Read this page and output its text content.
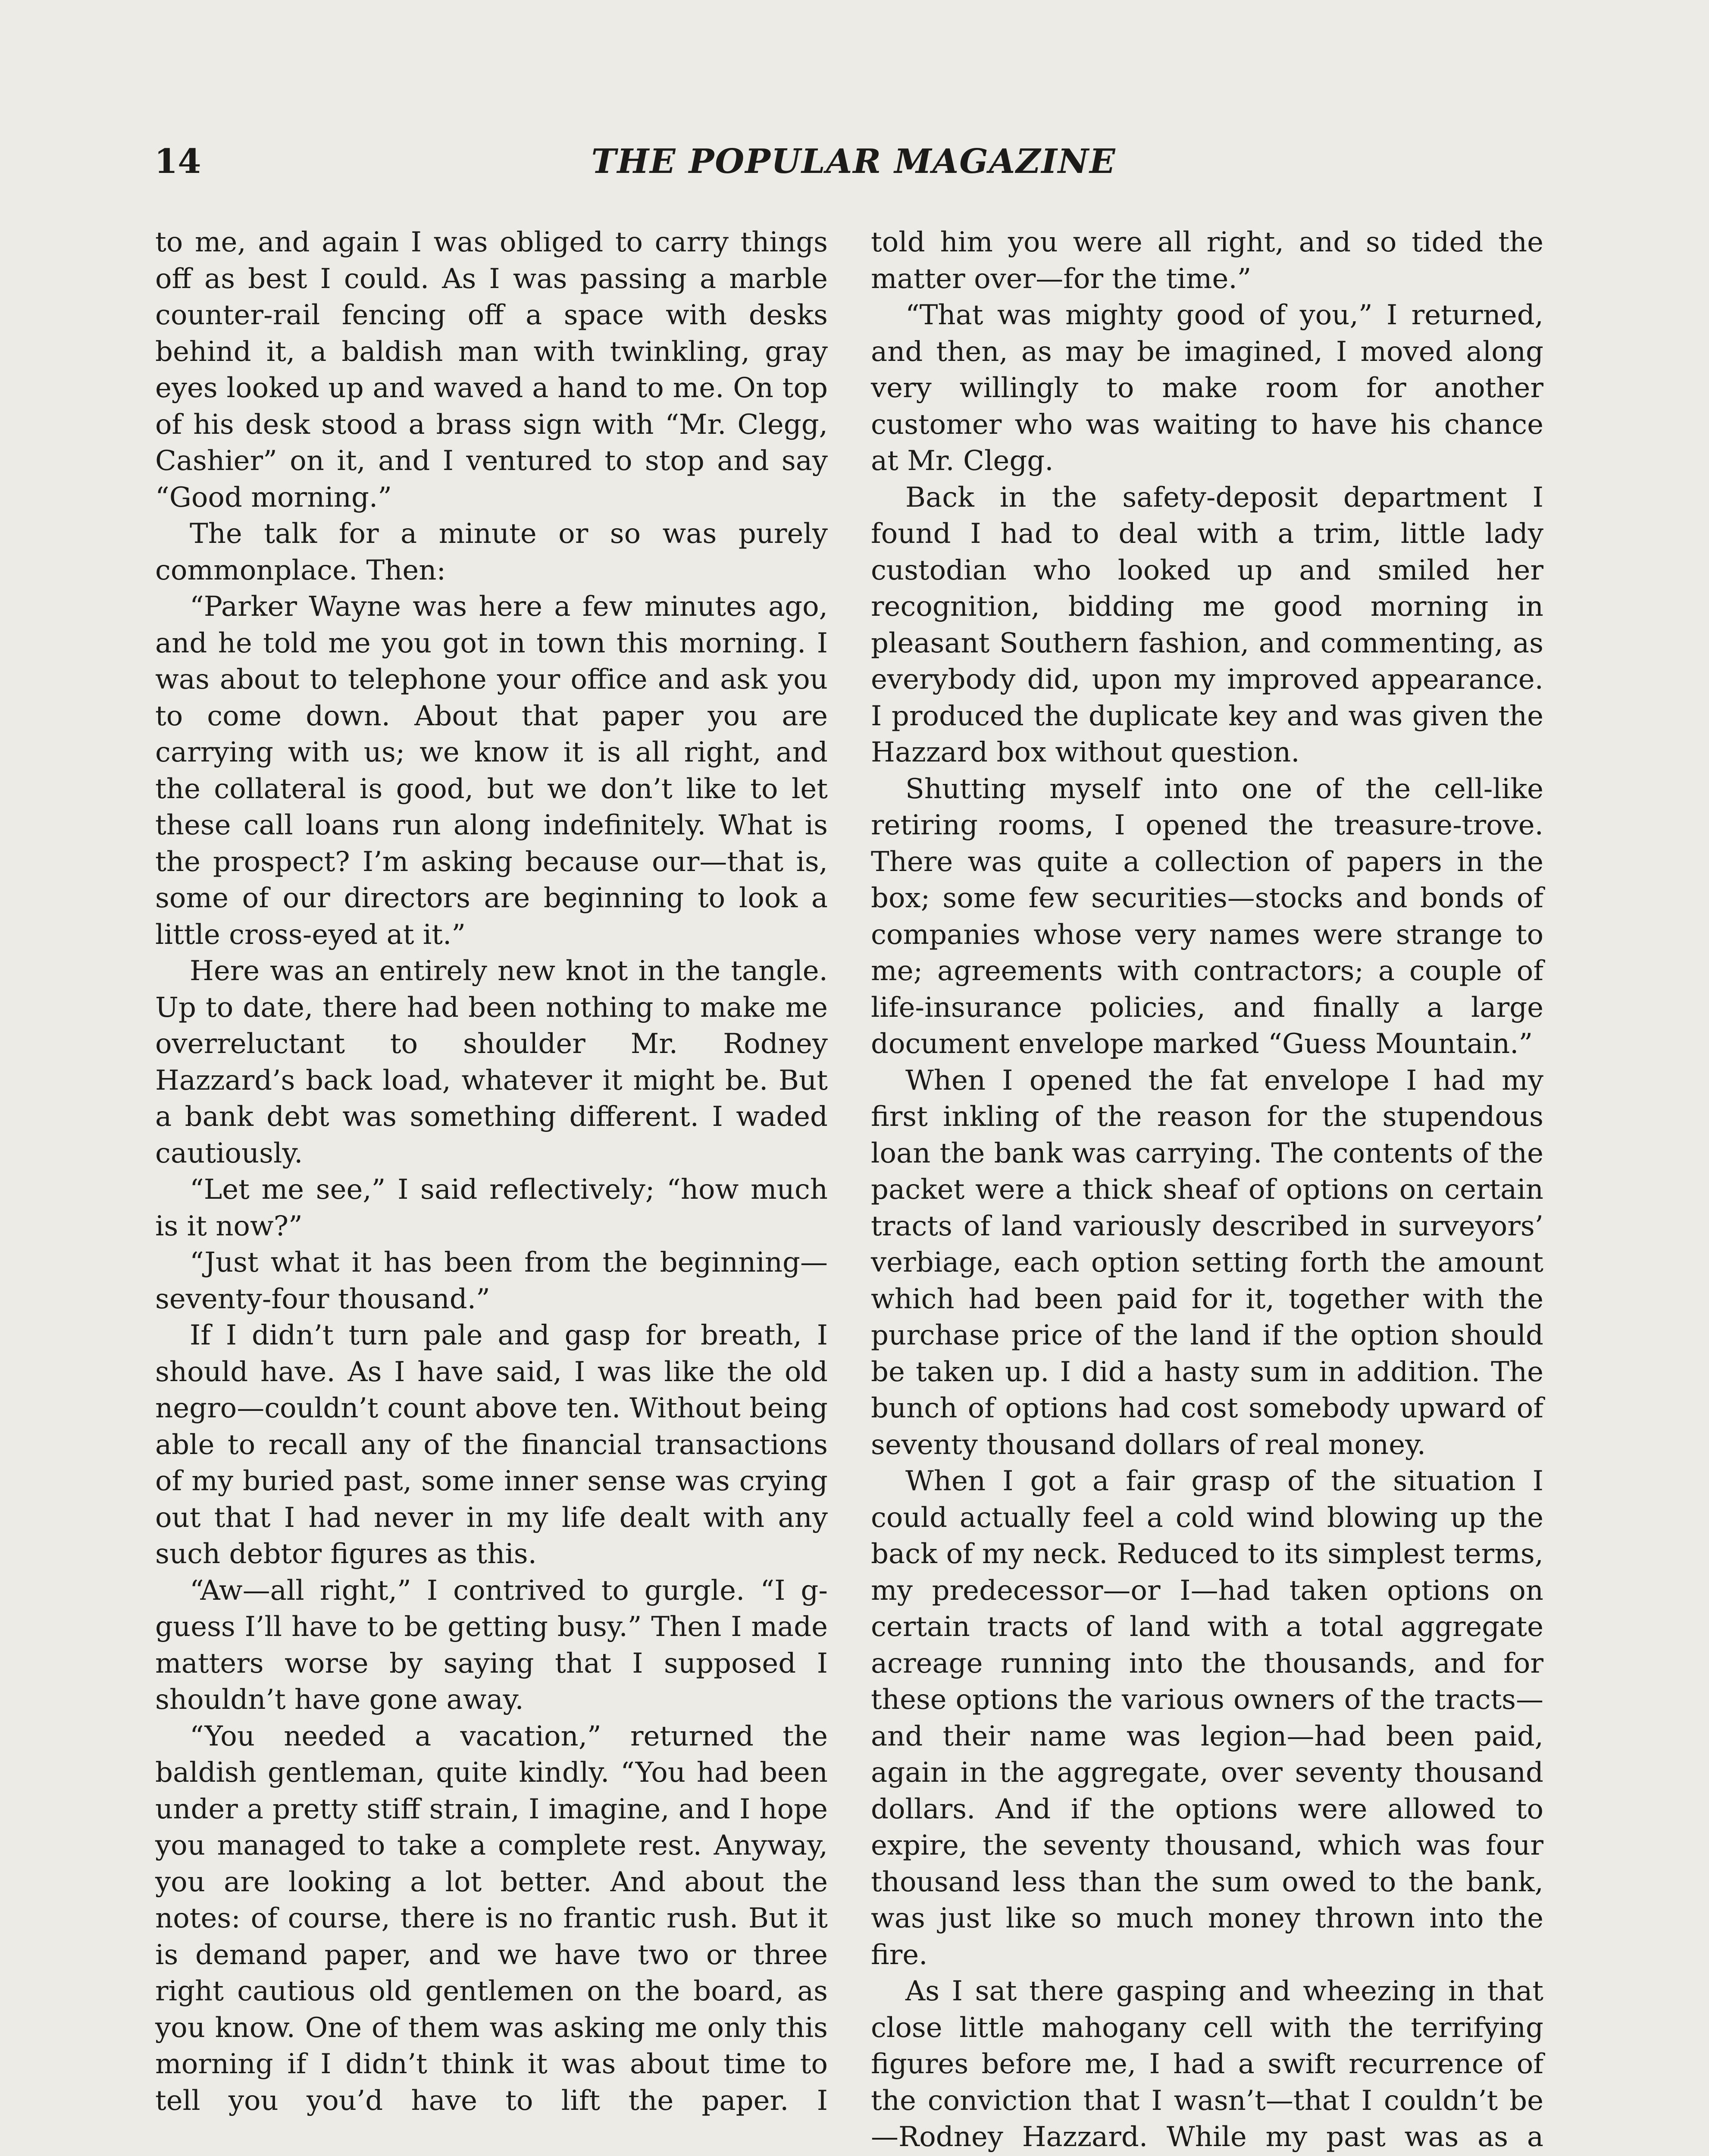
14	THE POPULAR MAGAZINE

to me, and again I was obliged to carry things off as best I could. As I was passing a marble counter-rail fencing off a space with desks behind it, a baldish man with twinkling, gray eyes looked up and waved a hand to me. On top of his desk stood a brass sign with “Mr. Clegg, Cashier” on it, and I ventured to stop and say “Good morning.”

The talk for a minute or so was purely commonplace. Then:

“Parker Wayne was here a few minutes ago, and he told me you got in town this morning. I was about to telephone your office and ask you to come down. About that paper you are carrying with us; we know it is all right, and the collateral is good, but we don’t like to let these call loans run along indefinitely. What is the prospect? I’m asking because our—that is, some of our directors are beginning to look a little cross-eyed at it.”

Here was an entirely new knot in the tangle. Up to date, there had been nothing to make me overreluctant to shoulder Mr. Rodney Hazzard’s back load, whatever it might be. But a bank debt was something different. I waded cautiously.

“Let me see,” I said reflectively; “how much is it now?”

“Just what it has been from the beginning—seventy-four thousand.”

If I didn’t turn pale and gasp for breath, I should have. As I have said, I was like the old negro—couldn’t count above ten. Without being able to recall any of the financial transactions of my buried past, some inner sense was crying out that I had never in my life dealt with any such debtor figures as this.

“Aw—all right,” I contrived to gurgle. “I g-guess I’ll have to be getting busy.” Then I made matters worse by saying that I supposed I shouldn’t have gone away.

“You needed a vacation,” returned the baldish gentleman, quite kindly. “You had been under a pretty stiff strain, I imagine, and I hope you managed to take a complete rest. Anyway, you are looking a lot better. And about the notes: of course, there is no frantic rush. But it is demand paper, and we have two or three right cautious old gentlemen on the board, as you know. One of them was asking me only this morning if I didn’t think it was about time to tell you you’d have to lift the paper. I

told him you were all right, and so tided the matter over—for the time.”

“That was mighty good of you,” I returned, and then, as may be imagined, I moved along very willingly to make room for another customer who was waiting to have his chance at Mr. Clegg.

Back in the safety-deposit department I found I had to deal with a trim, little lady custodian who looked up and smiled her recognition, bidding me good morning in pleasant Southern fashion, and commenting, as everybody did, upon my improved appearance. I produced the duplicate key and was given the Hazzard box without question.

Shutting myself into one of the cell-like retiring rooms, I opened the treasure-trove. There was quite a collection of papers in the box; some few securities—stocks and bonds of companies whose very names were strange to me; agreements with contractors; a couple of life-insurance policies, and finally a large document envelope marked “Guess Mountain.”

When I opened the fat envelope I had my first inkling of the reason for the stupendous loan the bank was carrying. The contents of the packet were a thick sheaf of options on certain tracts of land variously described in surveyors’ verbiage, each option setting forth the amount which had been paid for it, together with the purchase price of the land if the option should be taken up. I did a hasty sum in addition. The bunch of options had cost somebody upward of seventy thousand dollars of real money.

When I got a fair grasp of the situation I could actually feel a cold wind blowing up the back of my neck. Reduced to its simplest terms, my predecessor—or I—had taken options on certain tracts of land with a total aggregate acreage running into the thousands, and for these options the various owners of the tracts—and their name was legion—had been paid, again in the aggregate, over seventy thousand dollars. And if the options were allowed to expire, the seventy thousand, which was four thousand less than the sum owed to the bank, was just like so much money thrown into the fire.

As I sat there gasping and wheezing in that close little mahogany cell with the terrifying figures before me, I had a swift recurrence of the conviction that I wasn’t—that I couldn’t be—Rodney Hazzard. While my past was as a
